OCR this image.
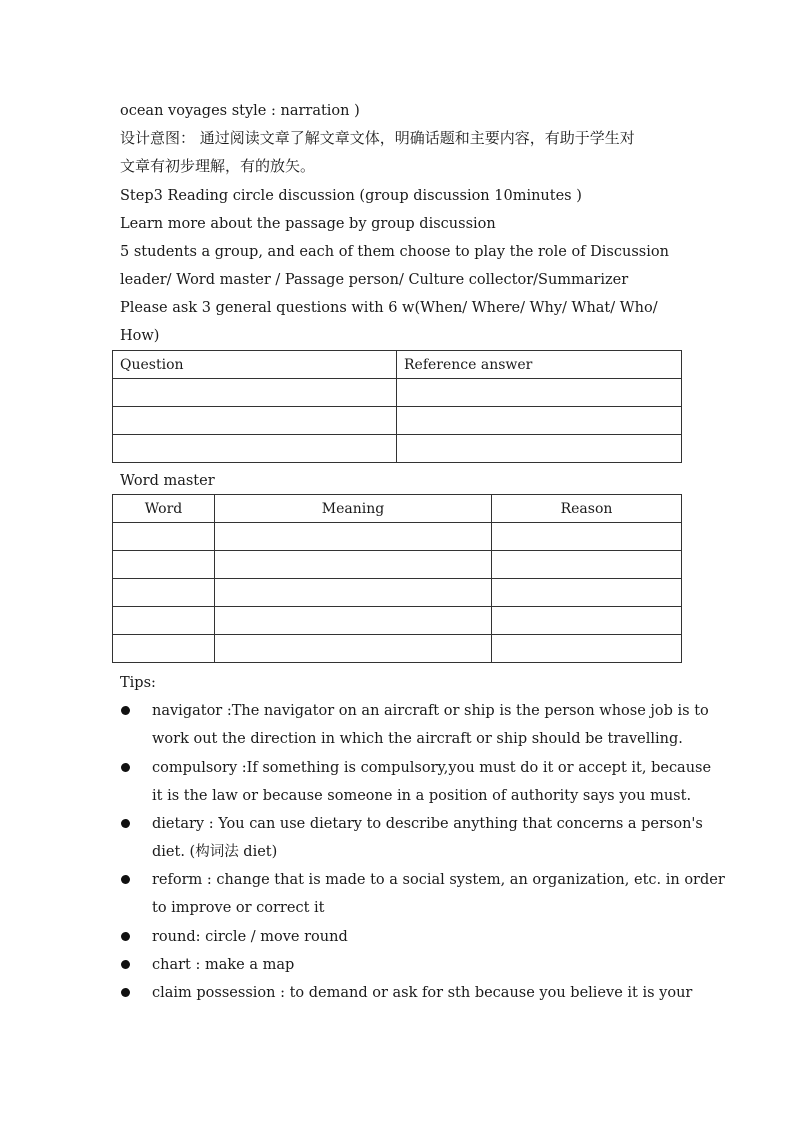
ocean voyages style : narration )
设计意图： 通过阅读文章了解文章文体，明确话题和主要内容，有助于学生对
文章有初步理解，有的放矢。
Step3 Reading circle discussion (group discussion 10minutes )
Learn more about the passage by group discussion
5 students a group, and each of them choose to play the role of Discussion
leader/ Word master / Passage person/ Culture collector/Summarizer
Please ask 3 general questions with 6 w(When/ Where/ Why/ What/ Who/
How)
Question	Reference answer

Word master
Word	Meaning	Reason

Tips:
navigator :The navigator on an aircraft or ship is the person whose job is to
work out the direction in which the aircraft or ship should be travelling.
compulsory :If something is compulsory,you must do it or accept it, because
it is the law or because someone in a position of authority says you must.
dietary : You can use dietary to describe anything that concerns a person's
diet. (构词法 diet)
reform : change that is made to a social system, an organization, etc. in order
to improve or correct it
round: circle / move round
chart : make a map
claim possession : to demand or ask for sth because you believe it is your
